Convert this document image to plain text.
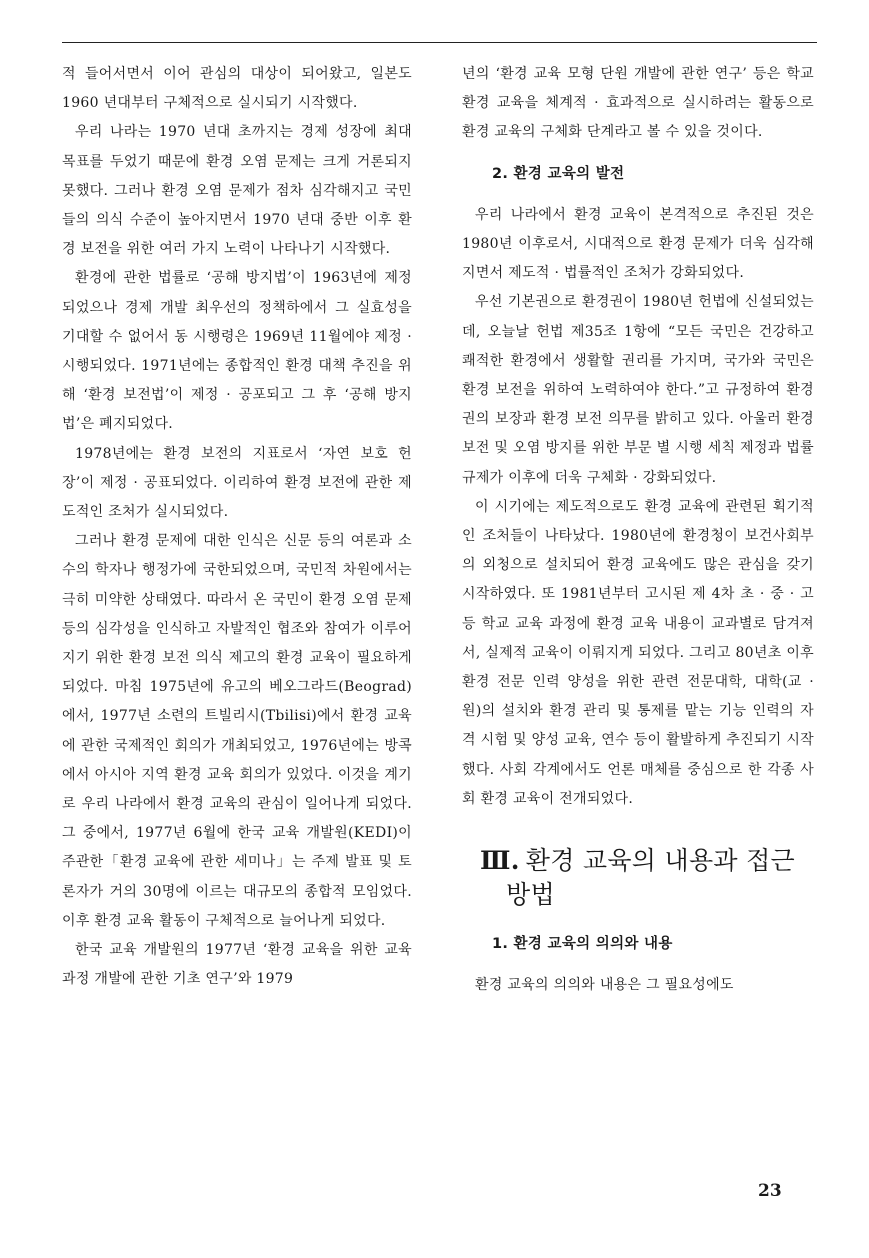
적 들어서면서 이어 관심의 대상이 되어왔고, 일본도 1960 년대부터 구체적으로 실시되기 시작했다.

우리 나라는 1970 년대 초까지는 경제 성장에 최대 목표를 두었기 때문에 환경 오염 문제는 크게 거론되지 못했다. 그러나 환경 오염 문제가 점차 심각해지고 국민들의 의식 수준이 높아지면서 1970 년대 중반 이후 환경 보전을 위한 여러 가지 노력이 나타나기 시작했다.

환경에 관한 법률로 ‘공해 방지법’이 1963년에 제정되었으나 경제 개발 최우선의 정책하에서 그 실효성을 기대할 수 없어서 동 시행령은 1969년 11월에야 제정 · 시행되었다. 1971년에는 종합적인 환경 대책 추진을 위해 ‘환경 보전법’이 제정 · 공포되고 그 후 ‘공해 방지법’은 폐지되었다.

1978년에는 환경 보전의 지표로서 ‘자연 보호 헌장’이 제정 · 공표되었다. 이리하여 환경 보전에 관한 제도적인 조처가 실시되었다.

그러나 환경 문제에 대한 인식은 신문 등의 여론과 소수의 학자나 행정가에 국한되었으며, 국민적 차원에서는 극히 미약한 상태였다. 따라서 온 국민이 환경 오염 문제 등의 심각성을 인식하고 자발적인 협조와 참여가 이루어지기 위한 환경 보전 의식 제고의 환경 교육이 필요하게 되었다. 마침 1975년에 유고의 베오그라드(Beograd)에서, 1977년 소련의 트빌리시(Tbilisi)에서 환경 교육에 관한 국제적인 회의가 개최되었고, 1976년에는 방콕에서 아시아 지역 환경 교육 회의가 있었다. 이것을 계기로 우리 나라에서 환경 교육의 관심이 일어나게 되었다. 그 중에서, 1977년 6월에 한국 교육 개발원(KEDI)이 주관한「환경 교육에 관한 세미나」는 주제 발표 및 토론자가 거의 30명에 이르는 대규모의 종합적 모임었다. 이후 환경 교육 활동이 구체적으로 늘어나게 되었다.

한국 교육 개발원의 1977년 ‘환경 교육을 위한 교육 과정 개발에 관한 기초 연구’와 1979

년의 ‘환경 교육 모형 단원 개발에 관한 연구’ 등은 학교 환경 교육을 체계적 · 효과적으로 실시하려는 활동으로 환경 교육의 구체화 단계라고 볼 수 있을 것이다.

2. 환경 교육의 발전

우리 나라에서 환경 교육이 본격적으로 추진된 것은 1980년 이후로서, 시대적으로 환경 문제가 더욱 심각해지면서 제도적 · 법률적인 조처가 강화되었다.

우선 기본권으로 환경권이 1980년 헌법에 신설되었는데, 오늘날 헌법 제35조 1항에 “모든 국민은 건강하고 쾌적한 환경에서 생활할 권리를 가지며, 국가와 국민은 환경 보전을 위하여 노력하여야 한다.”고 규정하여 환경권의 보장과 환경 보전 의무를 밝히고 있다. 아울러 환경 보전 및 오염 방지를 위한 부문 별 시행 세칙 제정과 법률 규제가 이후에 더욱 구체화 · 강화되었다.

이 시기에는 제도적으로도 환경 교육에 관련된 획기적인 조처들이 나타났다. 1980년에 환경청이 보건사회부의 외청으로 설치되어 환경 교육에도 많은 관심을 갖기 시작하였다. 또 1981년부터 고시된 제 4차 초 · 중 · 고등 학교 교육 과정에 환경 교육 내용이 교과별로 담겨져서, 실제적 교육이 이뤄지게 되었다. 그리고 80년초 이후 환경 전문 인력 양성을 위한 관련 전문대학, 대학(교 · 원)의 설치와 환경 관리 및 통제를 맡는 기능 인력의 자격 시험 및 양성 교육, 연수 등이 활발하게 추진되기 시작했다. 사회 각계에서도 언론 매체를 중심으로 한 각종 사회 환경 교육이 전개되었다.

Ⅲ. 환경 교육의 내용과 접근
방법
1. 환경 교육의 의의와 내용

환경 교육의 의의와 내용은 그 필요성에도

23
